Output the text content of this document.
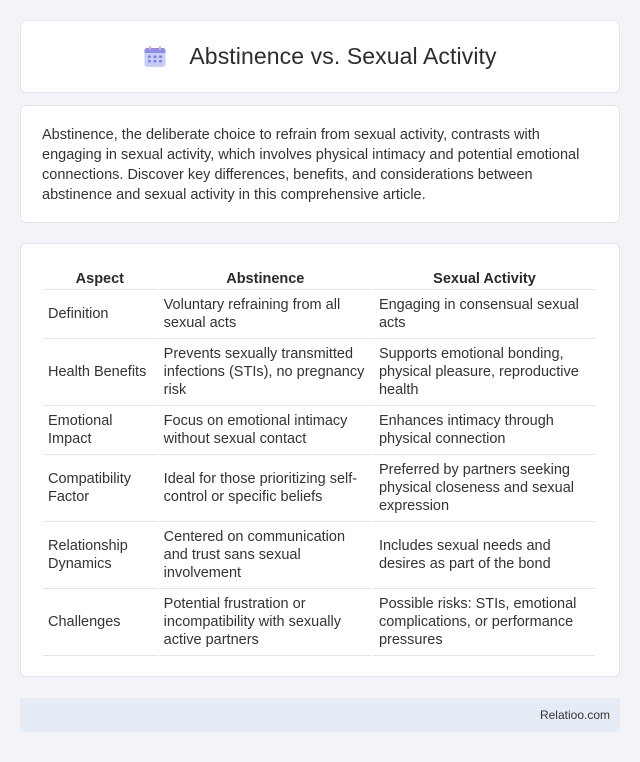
Abstinence vs. Sexual Activity

Abstinence, the deliberate choice to refrain from sexual activity, contrasts with engaging in sexual activity, which involves physical intimacy and potential emotional connections. Discover key differences, benefits, and considerations between abstinence and sexual activity in this comprehensive article.

Aspect	Abstinence	Sexual Activity
Definition	Voluntary refraining from all sexual acts	Engaging in consensual sexual acts
Health Benefits	Prevents sexually transmitted infections (STIs), no pregnancy risk	Supports emotional bonding, physical pleasure, reproductive health
Emotional Impact	Focus on emotional intimacy without sexual contact	Enhances intimacy through physical connection
Compatibility Factor	Ideal for those prioritizing self-control or specific beliefs	Preferred by partners seeking physical closeness and sexual expression
Relationship Dynamics	Centered on communication and trust sans sexual involvement	Includes sexual needs and desires as part of the bond
Challenges	Potential frustration or incompatibility with sexually active partners	Possible risks: STIs, emotional complications, or performance pressures
Relatioo.com
